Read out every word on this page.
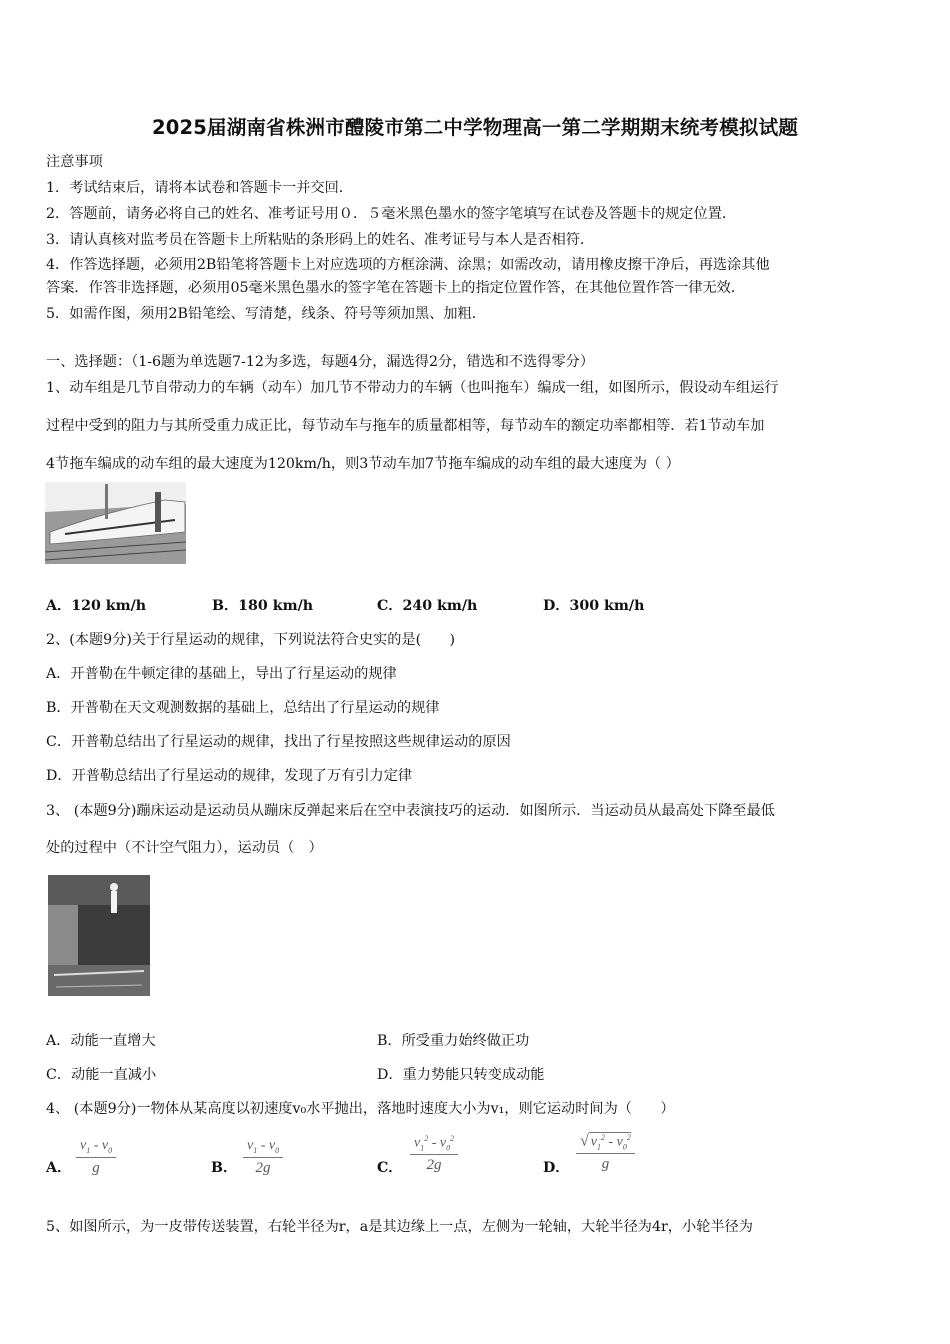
2025届湖南省株洲市醴陵市第二中学物理高一第二学期期末统考模拟试题
注意事项
1．考试结束后，请将本试卷和答题卡一并交回．
2．答题前，请务必将自己的姓名、准考证号用０．５毫米黑色墨水的签字笔填写在试卷及答题卡的规定位置．
3．请认真核对监考员在答题卡上所粘贴的条形码上的姓名、准考证号与本人是否相符．
4．作答选择题，必须用2B铅笔将答题卡上对应选项的方框涂满、涂黑；如需改动，请用橡皮擦干净后，再选涂其他
答案．作答非选择题，必须用05毫米黑色墨水的签字笔在答题卡上的指定位置作答，在其他位置作答一律无效．
5．如需作图，须用2B铅笔绘、写清楚，线条、符号等须加黑、加粗．
一、选择题：（1-6题为单选题7-12为多选，每题4分，漏选得2分，错选和不选得零分）
1、动车组是几节自带动力的车辆（动车）加几节不带动力的车辆（也叫拖车）编成一组，如图所示，假设动车组运行
过程中受到的阻力与其所受重力成正比，每节动车与拖车的质量都相等，每节动车的额定功率都相等．若1节动车加
4节拖车编成的动车组的最大速度为120km/h，则3节动车加7节拖车编成的动车组的最大速度为（ ）
A．120 km/h	B．180 km/h	C．240 km/h	D．300 km/h
2、(本题9分)关于行星运动的规律，下列说法符合史实的是(　　)
A．开普勒在牛顿定律的基础上，导出了行星运动的规律
B．开普勒在天文观测数据的基础上，总结出了行星运动的规律
C．开普勒总结出了行星运动的规律，找出了行星按照这些规律运动的原因
D．开普勒总结出了行星运动的规律，发现了万有引力定律
3、 (本题9分)蹦床运动是运动员从蹦床反弹起来后在空中表演技巧的运动．如图所示．当运动员从最高处下降至最低
处的过程中（不计空气阻力），运动员（　）
A．动能一直增大	B．所受重力始终做正功
C．动能一直减小	D．重力势能只转变成动能
4、 (本题9分)一物体从某高度以初速度v₀水平抛出，落地时速度大小为v₁，则它运动时间为（　　）
A．
$v_1 - v_0$
g	B．
$v_1 - v_0$
2g	C．
$v_1^2 - v_0^2$
2g	D．
√ $v_1^2 - v_0^2$
g
5、如图所示，为一皮带传送装置，右轮半径为r，a是其边缘上一点，左侧为一轮轴，大轮半径为4r，小轮半径为
